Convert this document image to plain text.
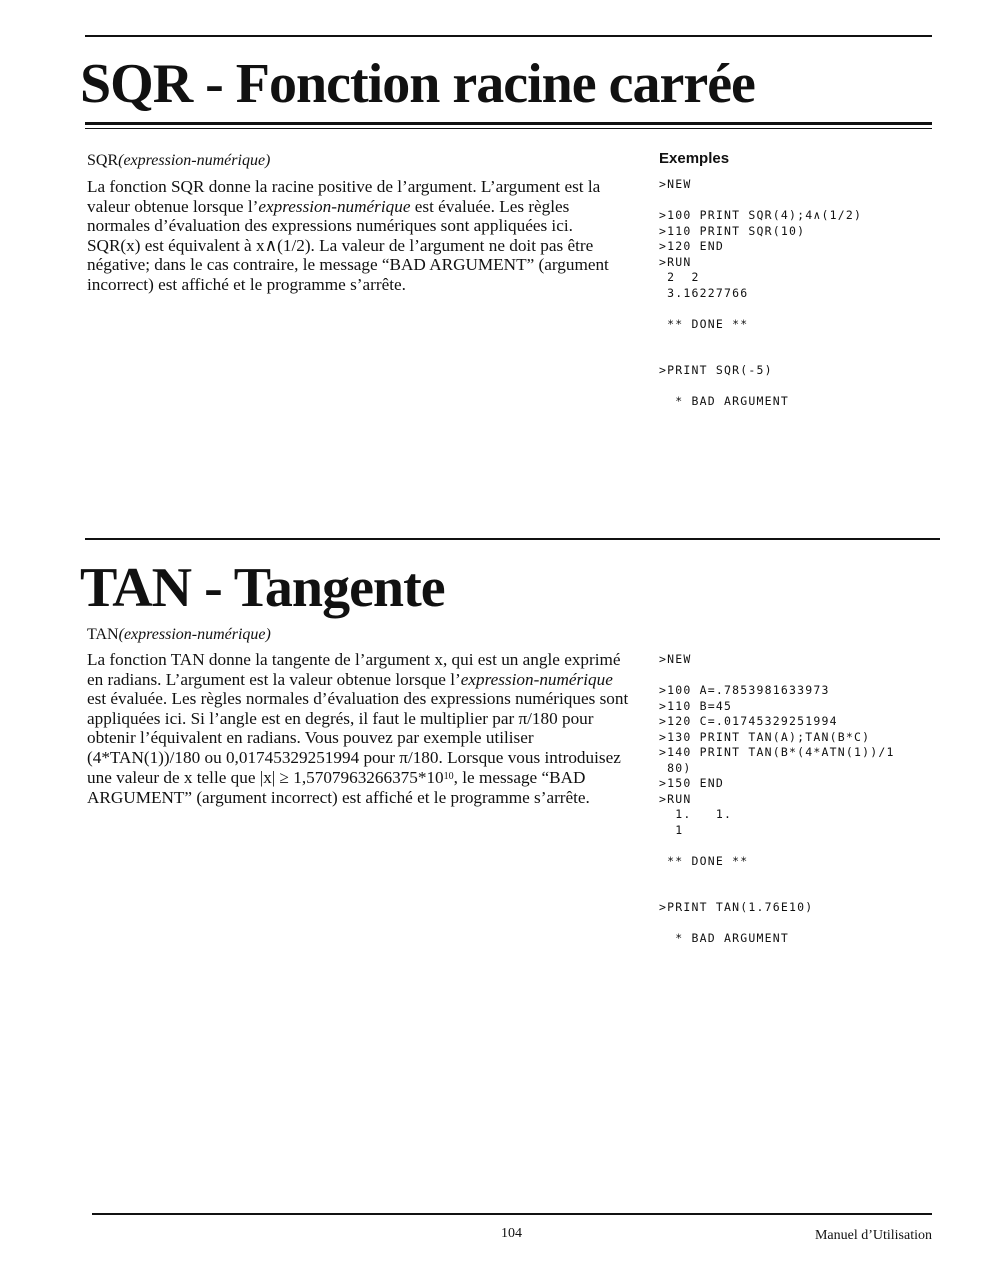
SQR - Fonction racine carrée

SQR(expression-numérique)

La fonction SQR donne la racine positive de l’argument. L’argument est la valeur obtenue lorsque l’expression-numérique est évaluée. Les règles normales d’évaluation des expressions numériques sont appliquées ici. SQR(x) est équivalent à x∧(1/2). La valeur de l’argument ne doit pas être négative; dans le cas contraire, le message “BAD ARGUMENT” (argument incorrect) est affiché et le programme s’arrête.

Exemples

>NEW

>100 PRINT SQR(4);4∧(1/2)
>110 PRINT SQR(10)
>120 END
>RUN
2  2
3.16227766

** DONE **

>PRINT SQR(-5)

* BAD ARGUMENT
TAN - Tangente

TAN(expression-numérique)

La fonction TAN donne la tangente de l’argument x, qui est un angle exprimé en radians. L’argument est la valeur obtenue lorsque l’expression-numérique est évaluée. Les règles normales d’évaluation des expressions numériques sont appliquées ici. Si l’angle est en degrés, il faut le multiplier par π/180 pour obtenir l’équivalent en radians. Vous pouvez par exemple utiliser (4*TAN(1))/180 ou 0,01745329251994 pour π/180. Lorsque vous introduisez une valeur de x telle que $|x| \ge 1,5707963266375*10^{10}$, le message “BAD ARGUMENT” (argument incorrect) est affiché et le programme s’arrête.

>NEW

>100 A=.7853981633973
>110 B=45
>120 C=.01745329251994
>130 PRINT TAN(A);TAN(B*C)
>140 PRINT TAN(B*(4*ATN(1))/1
80)
>150 END
>RUN
1.   1.
1

** DONE **

>PRINT TAN(1.76E10)

* BAD ARGUMENT

104	Manuel d’Utilisation
